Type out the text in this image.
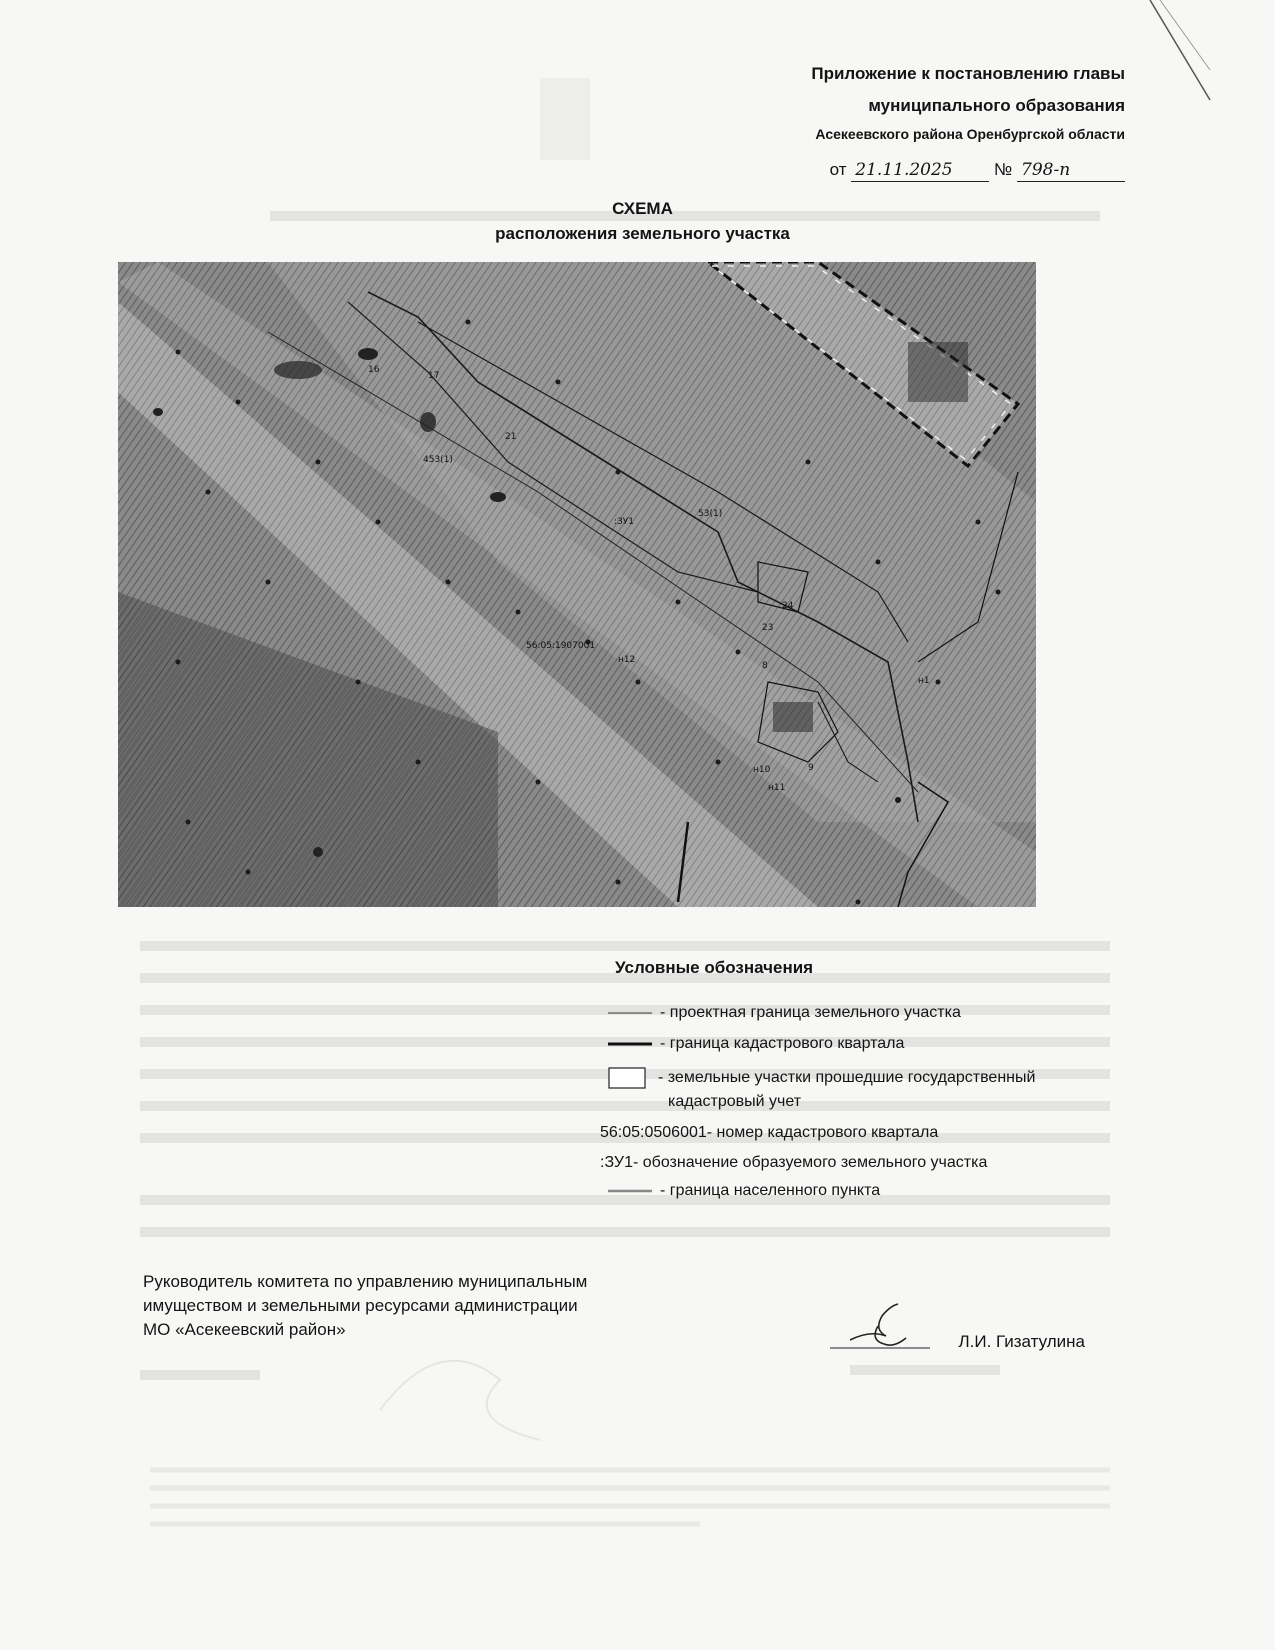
Приложение к постановлению главы
муниципального образования
Асекеевского района Оренбургской области
от 21.11.2025 № 798-п
СХЕМА
расположения земельного участка
56:05:1907001
:ЗУ1
53(1)
453(1)
н1
н12
н10
н11
8
21
23
24
9
16
17
Условные обозначения
- проектная граница земельного участка
- граница кадастрового квартала
- земельные участки прошедшие государственный
кадастровый учет
56:05:0506001- номер кадастрового квартала
:ЗУ1- обозначение образуемого земельного участка
- граница населенного пункта
Руководитель комитета по управлению муниципальным
имуществом и земельными ресурсами администрации
МО «Асекеевский район»
Л.И. Гизатулина
